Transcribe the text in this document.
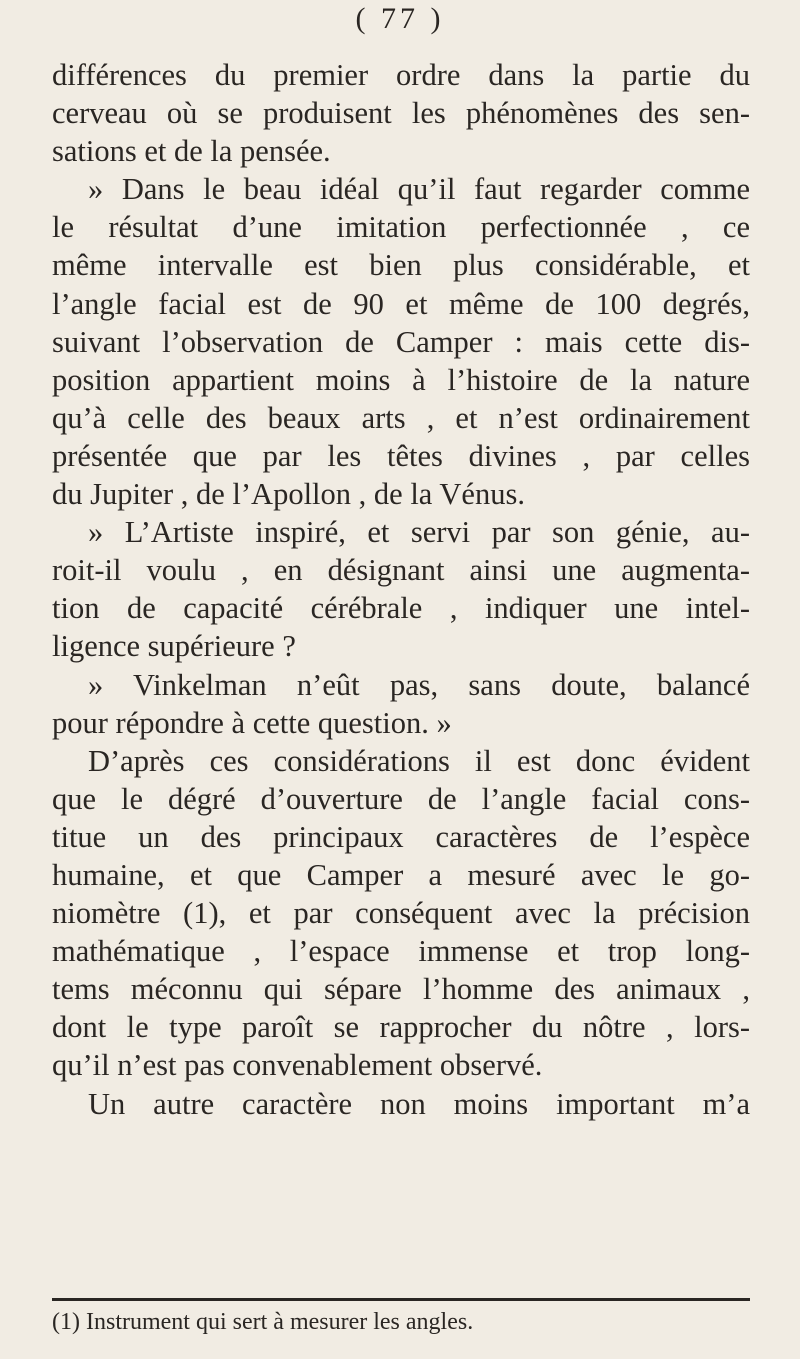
( 77 )
différences du premier ordre dans la partie du
cerveau où se produisent les phénomènes des sen-
sations et de la pensée.
» Dans le beau idéal qu’il faut regarder comme
le résultat d’une imitation perfectionnée , ce
même intervalle est bien plus considérable, et
l’angle facial est de 90 et même de 100 degrés,
suivant l’observation de Camper : mais cette dis-
position appartient moins à l’histoire de la nature
qu’à celle des beaux arts , et n’est ordinairement
présentée que par les têtes divines , par celles
du Jupiter , de l’Apollon , de la Vénus.
» L’Artiste inspiré, et servi par son génie, au-
roit-il voulu , en désignant ainsi une augmenta-
tion de capacité cérébrale , indiquer une intel-
ligence supérieure ?
» Vinkelman n’eût pas, sans doute, balancé
pour répondre à cette question. »
D’après ces considérations il est donc évident
que le dégré d’ouverture de l’angle facial cons-
titue un des principaux caractères de l’espèce
humaine, et que Camper a mesuré avec le go-
niomètre (1), et par conséquent avec la précision
mathématique , l’espace immense et trop long-
tems méconnu qui sépare l’homme des animaux ,
dont le type paroît se rapprocher du nôtre , lors-
qu’il n’est pas convenablement observé.
Un autre caractère non moins important m’a
(1) Instrument qui sert à mesurer les angles.
